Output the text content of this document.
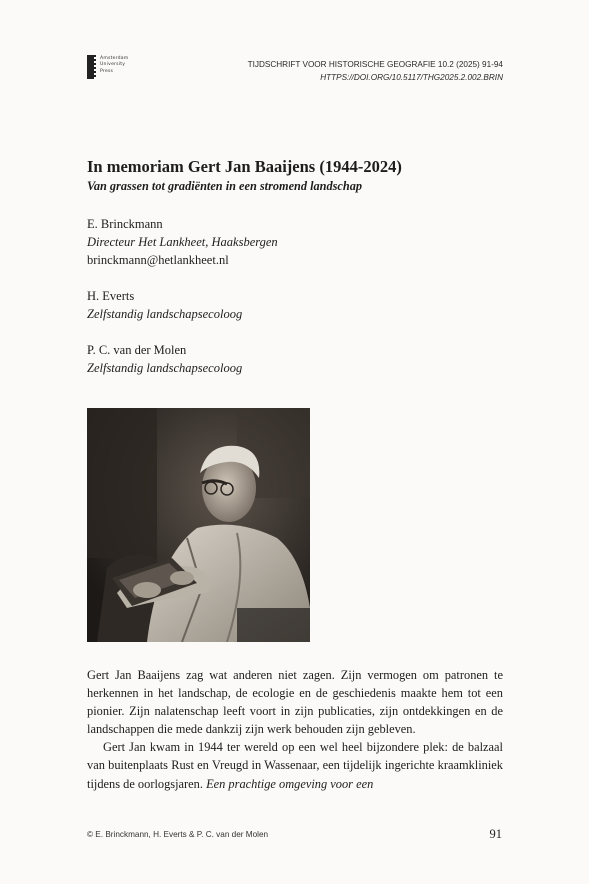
Amsterdam
University
Press
TIJDSCHRIFT VOOR HISTORISCHE GEOGRAFIE 10.2 (2025) 91-94
HTTPS://DOI.ORG/10.5117/THG2025.2.002.BRIN
In memoriam Gert Jan Baaijens (1944-2024)
Van grassen tot gradiënten in een stromend landschap
E. Brinckmann
Directeur Het Lankheet, Haaksbergen
brinckmann@hetlankheet.nl
H. Everts
Zelfstandig landschapsecoloog
P. C. van der Molen
Zelfstandig landschapsecoloog

Gert Jan Baaijens zag wat anderen niet zagen. Zijn vermogen om patronen te herkennen in het landschap, de ecologie en de geschiedenis maakte hem tot een pionier. Zijn nalatenschap leeft voort in zijn publicaties, zijn ontdekkingen en de landschappen die mede dankzij zijn werk behouden zijn gebleven.

Gert Jan kwam in 1944 ter wereld op een wel heel bijzondere plek: de balzaal van buitenplaats Rust en Vreugd in Wassenaar, een tijdelijk ingerichte kraamkliniek tijdens de oorlogsjaren. Een prachtige omgeving voor een

© E. Brinckmann, H. Everts & P. C. van der Molen	91
